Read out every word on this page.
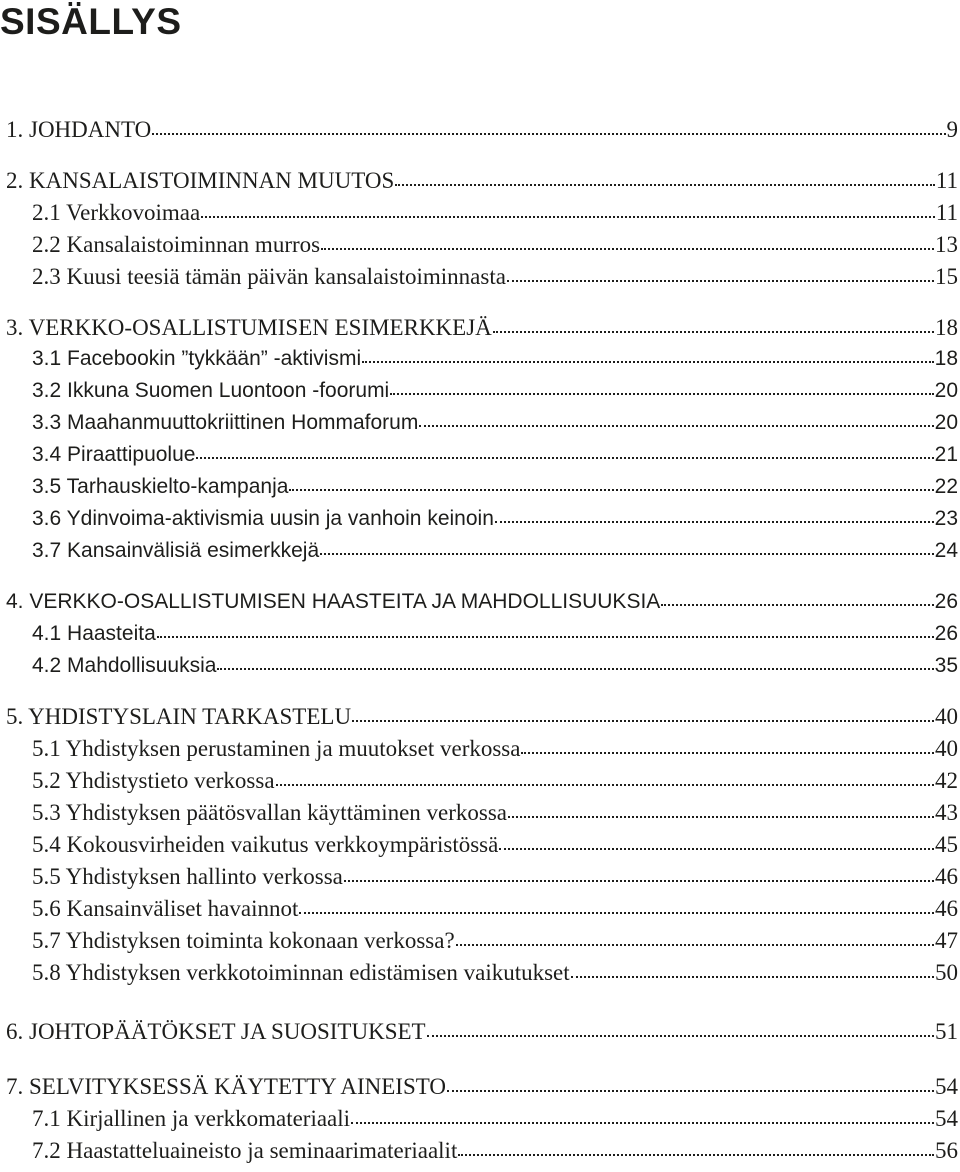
SISÄLLYS
1. JOHDANTO	9
2. KANSALAISTOIMINNAN MUUTOS	11
2.1 Verkkovoimaa	11
2.2 Kansalaistoiminnan murros	13
2.3 Kuusi teesiä tämän päivän kansalaistoiminnasta	15
3. VERKKO-OSALLISTUMISEN ESIMERKKEJÄ	18
3.1 Facebookin ”tykkään” -aktivismi	18
3.2 Ikkuna Suomen Luontoon -foorumi	20
3.3 Maahanmuuttokriittinen Hommaforum	20
3.4 Piraattipuolue	21
3.5 Tarhauskielto-kampanja	22
3.6 Ydinvoima-aktivismia uusin ja vanhoin keinoin	23
3.7 Kansainvälisiä esimerkkejä	24
4. VERKKO-OSALLISTUMISEN HAASTEITA JA MAHDOLLISUUKSIA	26
4.1 Haasteita	26
4.2 Mahdollisuuksia	35
5. YHDISTYSLAIN TARKASTELU	40
5.1 Yhdistyksen perustaminen ja muutokset verkossa	40
5.2 Yhdistystieto verkossa	42
5.3 Yhdistyksen päätösvallan käyttäminen verkossa	43
5.4 Kokousvirheiden vaikutus verkkoympäristössä	45
5.5 Yhdistyksen hallinto verkossa	46
5.6 Kansainväliset havainnot	46
5.7 Yhdistyksen toiminta kokonaan verkossa?	47
5.8 Yhdistyksen verkkotoiminnan edistämisen vaikutukset	50
6. JOHTOPÄÄTÖKSET JA SUOSITUKSET	51
7. SELVITYKSESSÄ KÄYTETTY AINEISTO	54
7.1 Kirjallinen ja verkkomateriaali	54
7.2 Haastatteluaineisto ja seminaarimateriaalit	56
